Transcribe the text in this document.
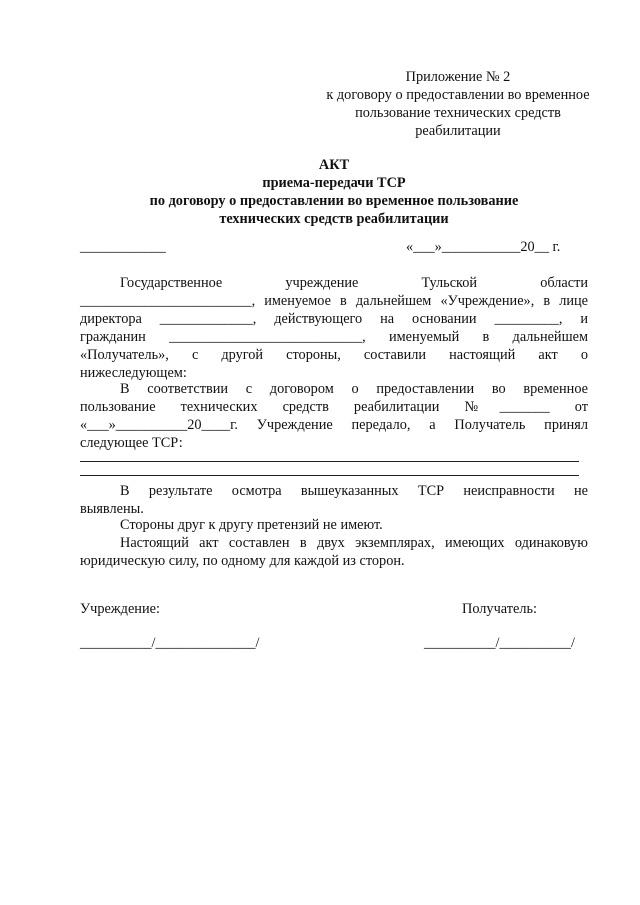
Приложение № 2
к договору о предоставлении во временное
пользование технических средств
реабилитации
АКТ
приема-передачи ТСР
по договору о предоставлении во временное пользование
технических средств реабилитации
____________	«___»___________20__ г.
Государственное учреждение Тульской области
________________________, именуемое в дальнейшем «Учреждение», в лице
директора _____________, действующего на основании _________, и
гражданин ___________________________, именуемый в дальнейшем
«Получатель», с другой стороны, составили настоящий акт о
нижеследующем:
В соответствии с договором о предоставлении во временное
пользование технических средств реабилитации №_______ от
«___»__________20____г. Учреждение передало, а Получатель принял
следующее ТСР:
В результате осмотра вышеуказанных ТСР неисправности не
выявлены.
Стороны друг к другу претензий не имеют.
Настоящий акт составлен в двух экземплярах, имеющих одинаковую
юридическую силу, по одному для каждой из сторон.
Учреждение:	Получатель:
__________/______________/	__________/__________/
